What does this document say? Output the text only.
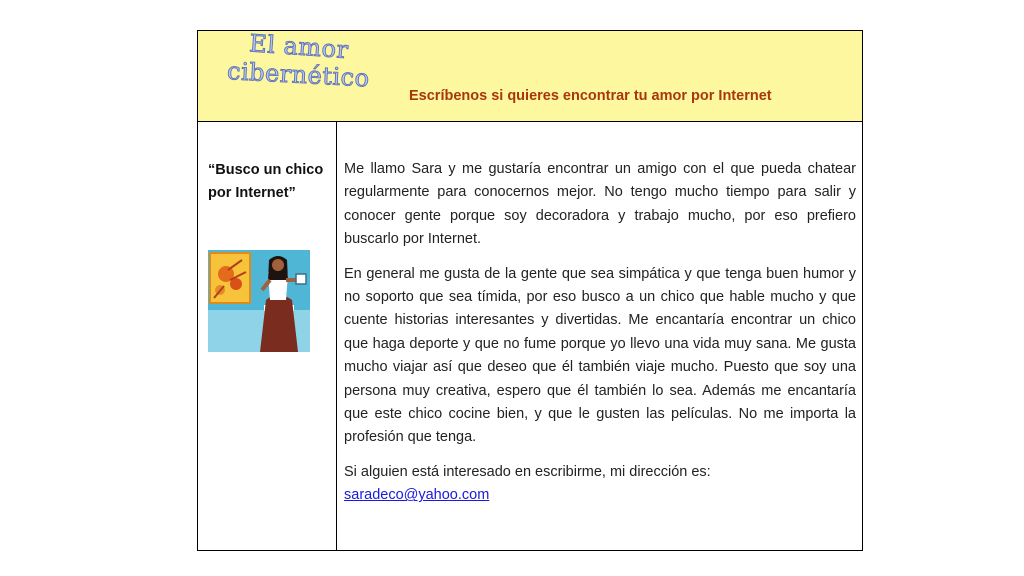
El amor
cibernético
Escríbenos si quieres encontrar tu amor por Internet
“Busco un chico por Internet”

Me llamo Sara y me gustaría encontrar un amigo con el que pueda chatear regularmente para conocernos mejor. No tengo mucho tiempo para salir y conocer gente porque soy decoradora y trabajo mucho, por eso prefiero buscarlo por Internet.

En general me gusta de la gente que sea simpática y que tenga buen humor y no soporto que sea tímida, por eso busco a un chico que hable mucho y que cuente historias interesantes y divertidas. Me encantaría encontrar un chico que haga deporte y que no fume porque yo llevo una vida muy sana. Me gusta mucho viajar así que deseo que él también viaje mucho. Puesto que soy una persona muy creativa, espero que él también lo sea. Además me encantaría que este chico cocine bien, y que le gusten las películas. No me importa la profesión que tenga.

Si alguien está interesado en escribirme, mi dirección es:
saradeco@yahoo.com
